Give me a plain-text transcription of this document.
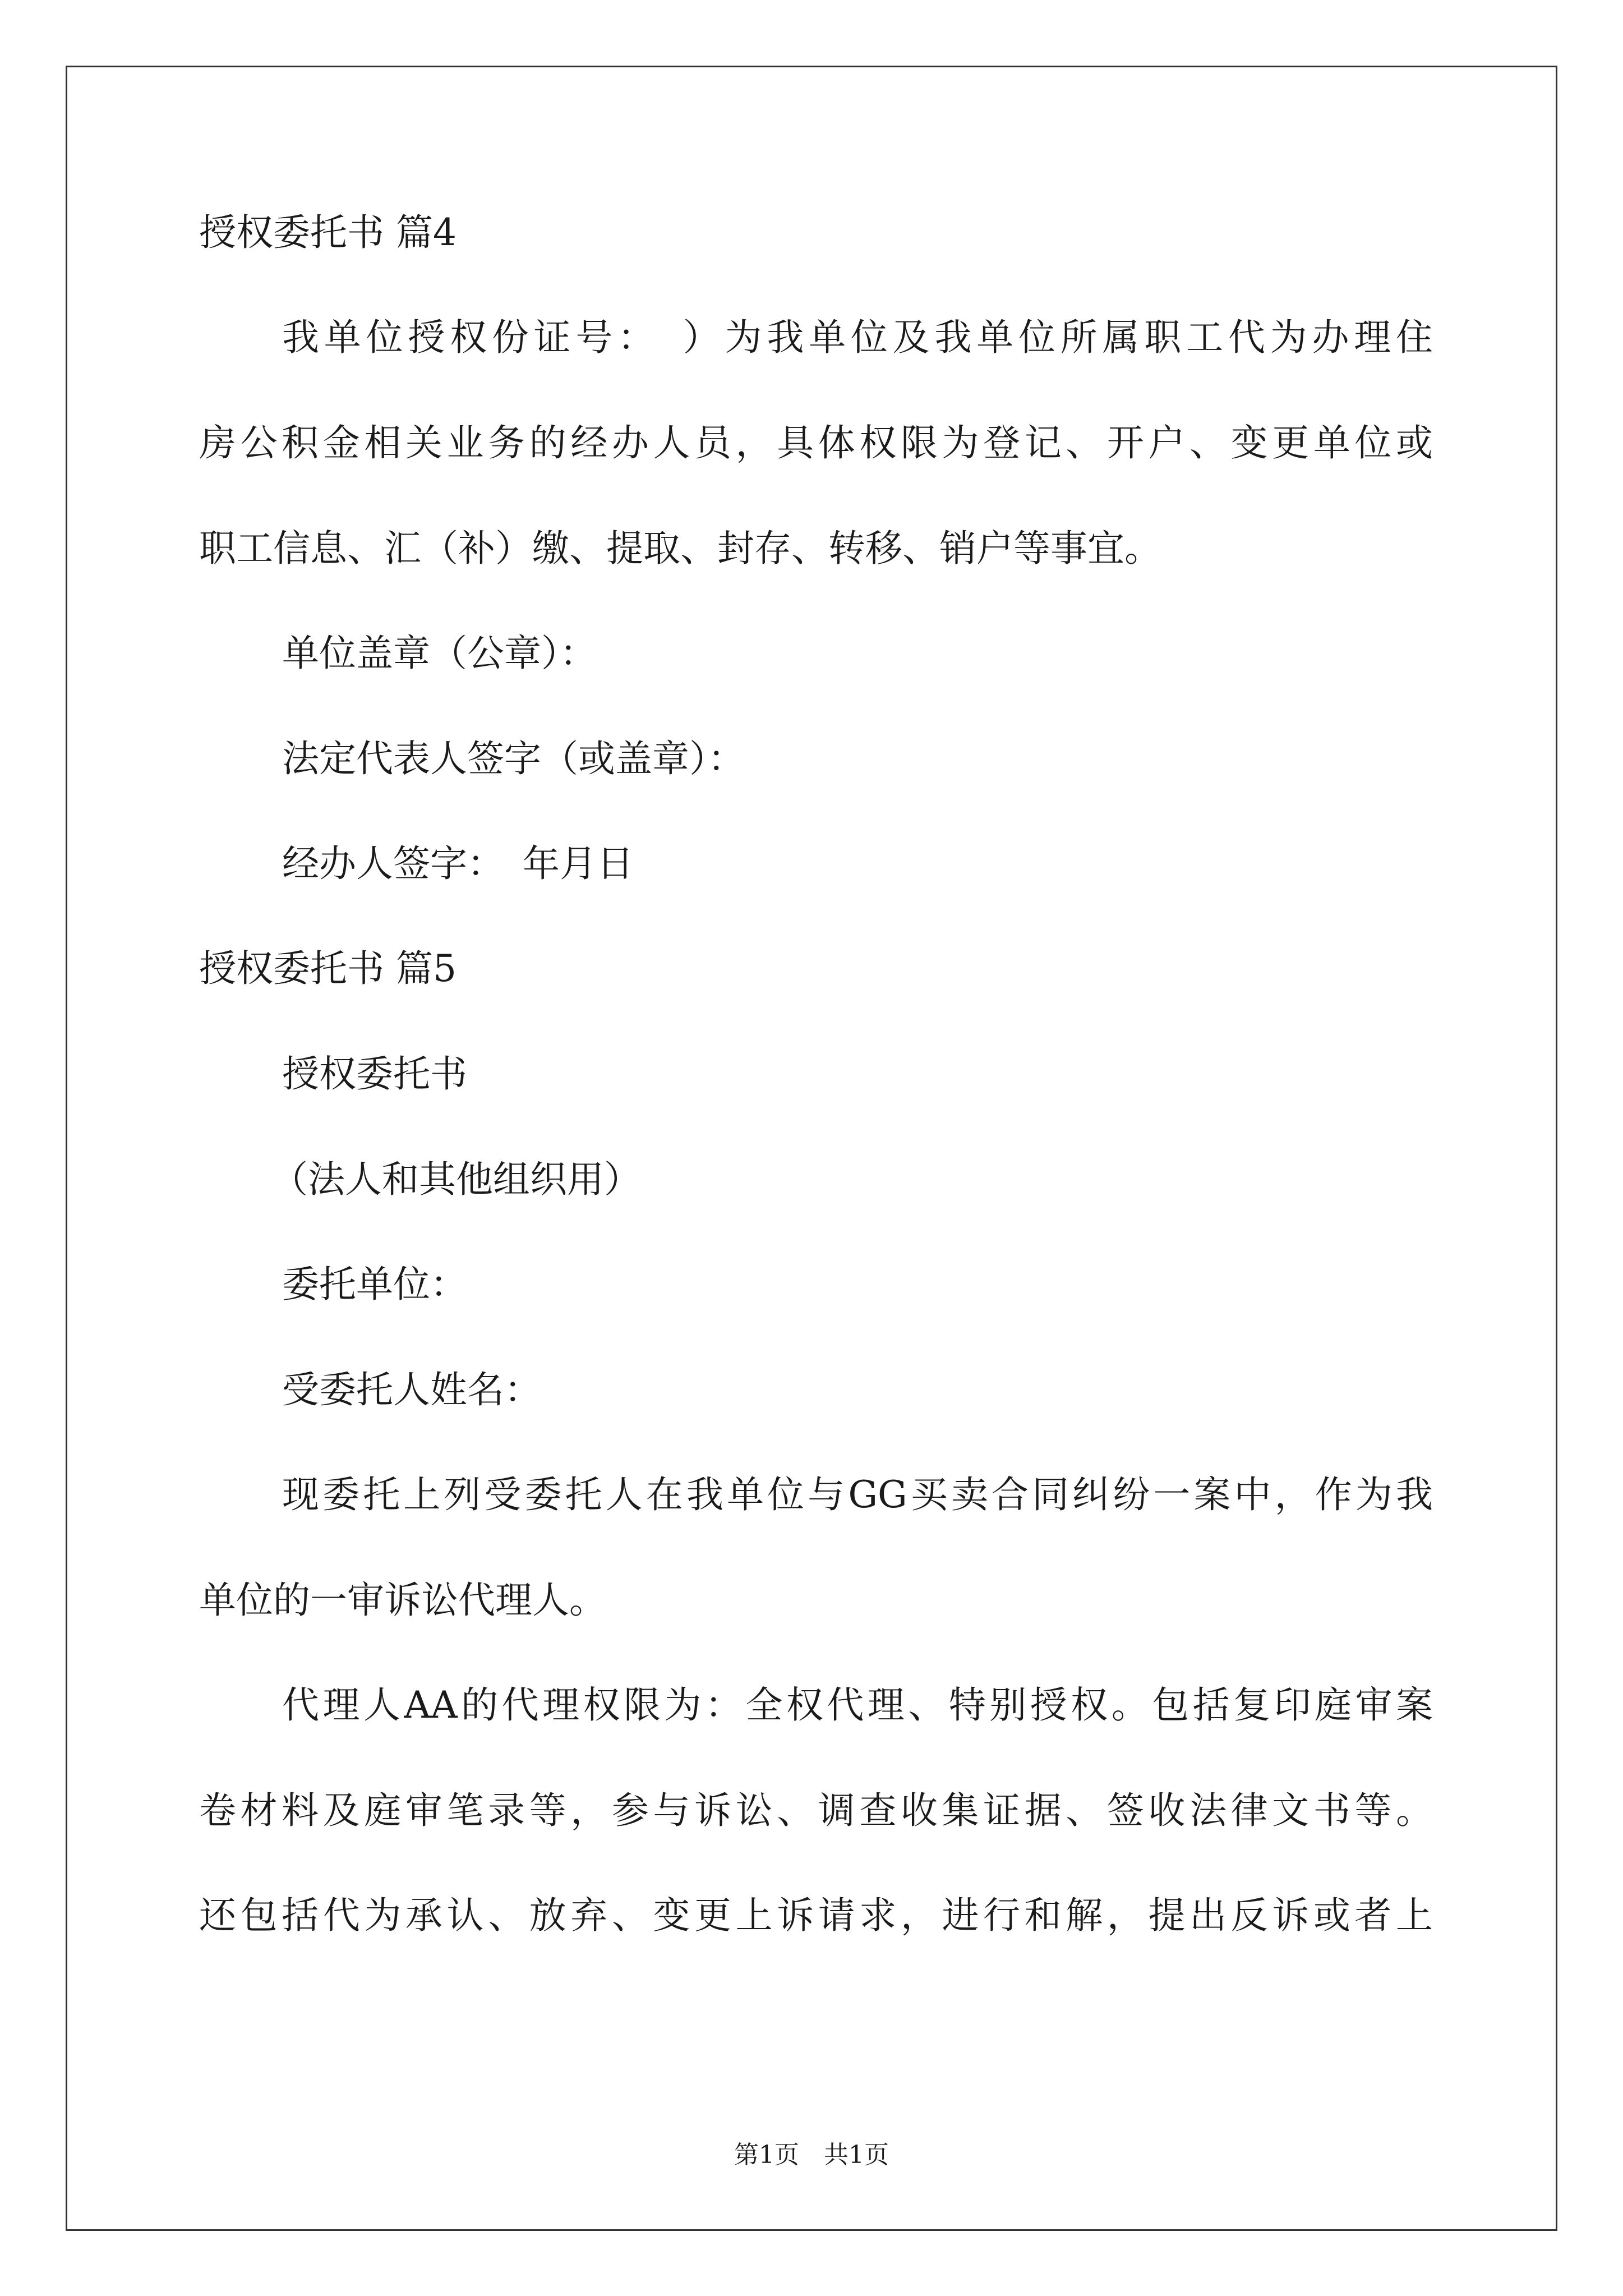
授权委托书 篇4
我单位授权份证号：　）为我单位及我单位所属职工代为办理住
房公积金相关业务的经办人员，具体权限为登记、开户、变更单位或
职工信息、汇（补）缴、提取、封存、转移、销户等事宜。
单位盖章（公章）：
法定代表人签字（或盖章）：
经办人签字：　年月日
授权委托书 篇5
授权委托书
（法人和其他组织用）
委托单位：
受委托人姓名：
现委托上列受委托人在我单位与GG买卖合同纠纷一案中，作为我
单位的一审诉讼代理人。
代理人AA的代理权限为：全权代理、特别授权。包括复印庭审案
卷材料及庭审笔录等，参与诉讼、调查收集证据、签收法律文书等。
还包括代为承认、放弃、变更上诉请求，进行和解，提出反诉或者上
第1页　共1页
